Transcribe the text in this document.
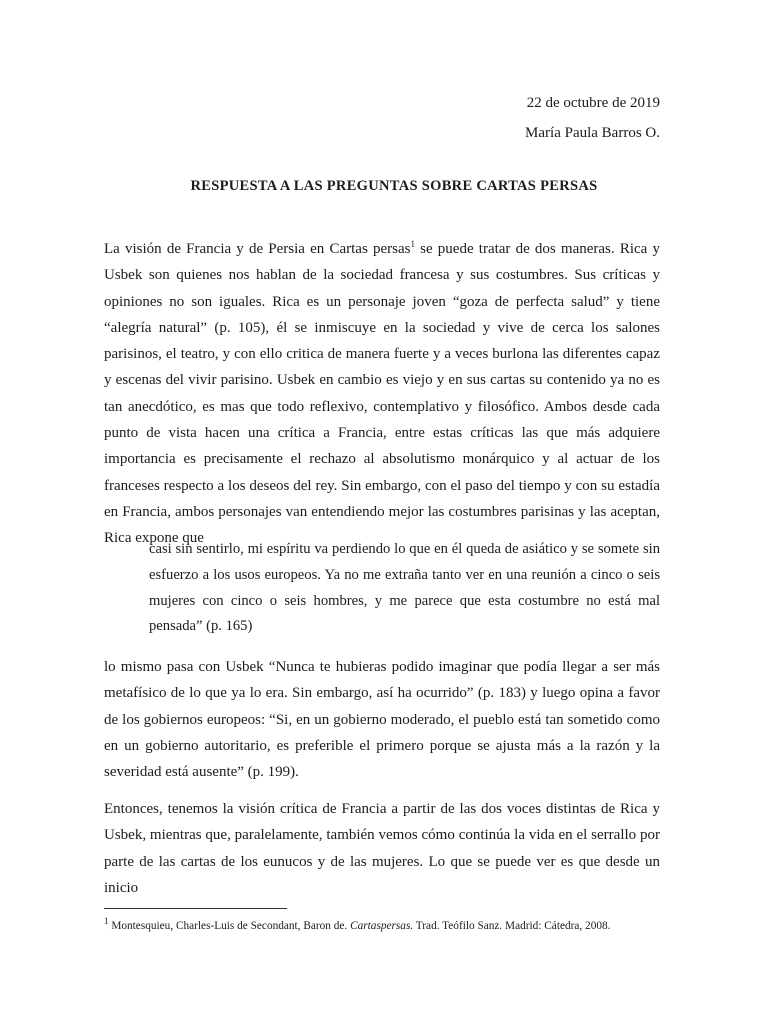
22 de octubre de 2019
María Paula Barros O.
RESPUESTA A LAS PREGUNTAS SOBRE CARTAS PERSAS
La visión de Francia y de Persia en Cartas persas$^1$ se puede tratar de dos maneras. Rica y Usbek son quienes nos hablan de la sociedad francesa y sus costumbres. Sus críticas y opiniones no son iguales. Rica es un personaje joven “goza de perfecta salud” y tiene “alegría natural” (p. 105), él se inmiscuye en la sociedad y vive de cerca los salones parisinos, el teatro, y con ello critica de manera fuerte y a veces burlona las diferentes capaz y escenas del vivir parisino. Usbek en cambio es viejo y en sus cartas su contenido ya no es tan anecdótico, es mas que todo reflexivo, contemplativo y filosófico. Ambos desde cada punto de vista hacen una crítica a Francia, entre estas críticas las que más adquiere importancia es precisamente el rechazo al absolutismo monárquico y al actuar de los franceses respecto a los deseos del rey. Sin embargo, con el paso del tiempo y con su estadía en Francia, ambos personajes van entendiendo mejor las costumbres parisinas y las aceptan, Rica expone que
casi sin sentirlo, mi espíritu va perdiendo lo que en él queda de asiático y se somete sin esfuerzo a los usos europeos. Ya no me extraña tanto ver en una reunión a cinco o seis mujeres con cinco o seis hombres, y me parece que esta costumbre no está mal pensada” (p. 165)
lo mismo pasa con Usbek “Nunca te hubieras podido imaginar que podía llegar a ser más metafísico de lo que ya lo era. Sin embargo, así ha ocurrido” (p. 183) y luego opina a favor de los gobiernos europeos: “Si, en un gobierno moderado, el pueblo está tan sometido como en un gobierno autoritario, es preferible el primero porque se ajusta más a la razón y la severidad está ausente” (p. 199).
Entonces, tenemos la visión crítica de Francia a partir de las dos voces distintas de Rica y Usbek, mientras que, paralelamente, también vemos cómo continúa la vida en el serrallo por parte de las cartas de los eunucos y de las mujeres. Lo que se puede ver es que desde un inicio
$^1$ Montesquieu, Charles-Luis de Secondant, Baron de. Cartaspersas. Trad. Teófilo Sanz. Madrid: Cátedra, 2008.
